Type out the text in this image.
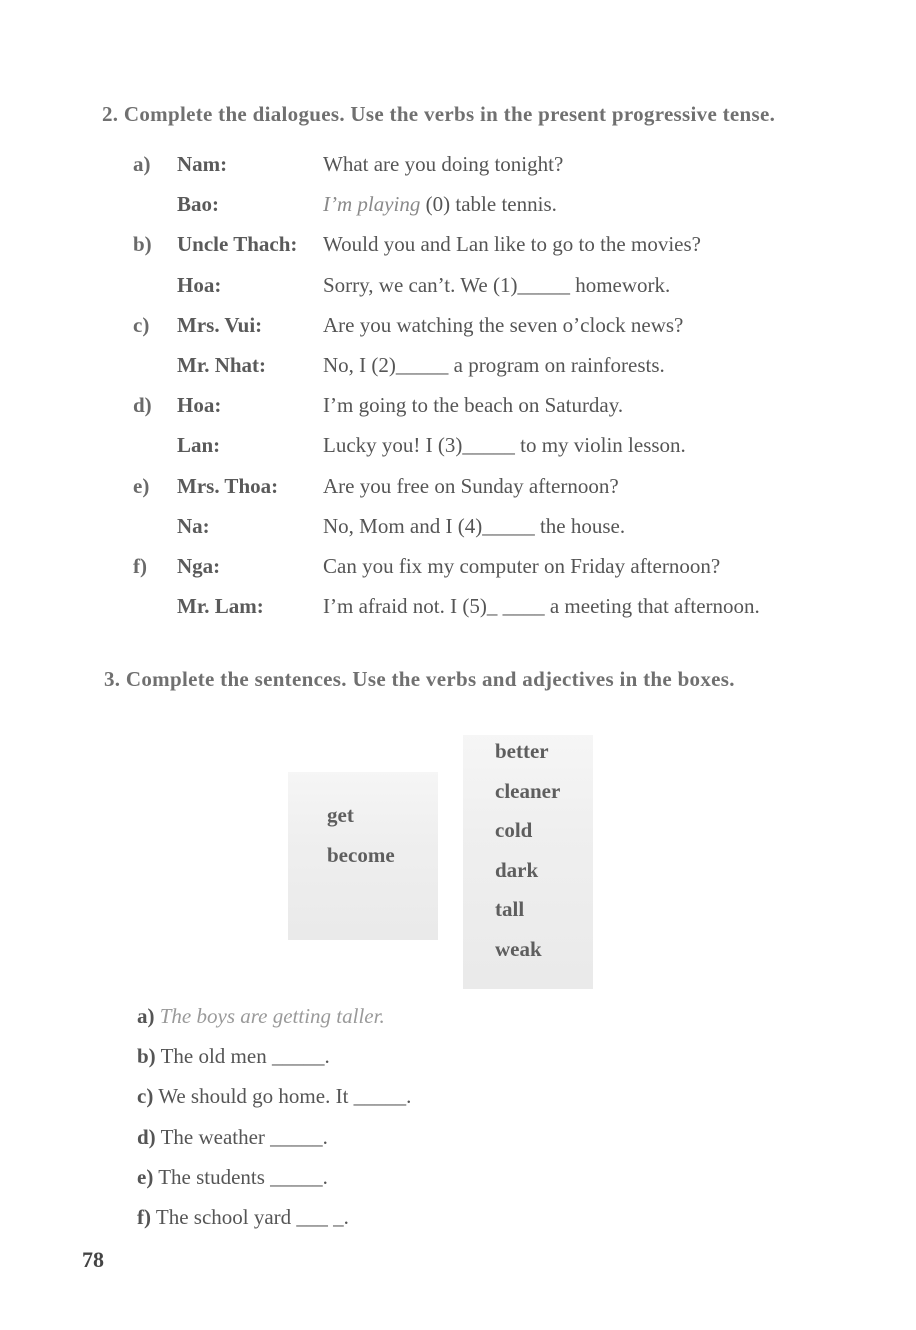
2. Complete the dialogues. Use the verbs in the present progressive tense.
a) Nam:	What are you doing tonight?
Bao:	I’m playing (0) table tennis.
b) Uncle Thach: Would you and Lan like to go to the movies?
Hoa:	Sorry, we can’t. We (1)_____ homework.
c) Mrs. Vui:	Are you watching the seven o’clock news?
Mr. Nhat:	No, I (2)_____ a program on rainforests.
d) Hoa:	I’m going to the beach on Saturday.
Lan:	Lucky you! I (3)_____ to my violin lesson.
e) Mrs. Thoa: Are you free on Sunday afternoon?
Na:	No, Mom and I (4)_____ the house.
f) Nga:	Can you fix my computer on Friday afternoon?
Mr. Lam:	I’m afraid not. I (5)_ ____ a meeting that afternoon.
3. Complete the sentences. Use the verbs and adjectives in the boxes.
get
become
better
cleaner
cold
dark
tall
weak
a) The boys are getting taller.
b) The old men _____.
c) We should go home. It _____.
d) The weather _____.
e) The students _____.
f) The school yard ___ _.
78
